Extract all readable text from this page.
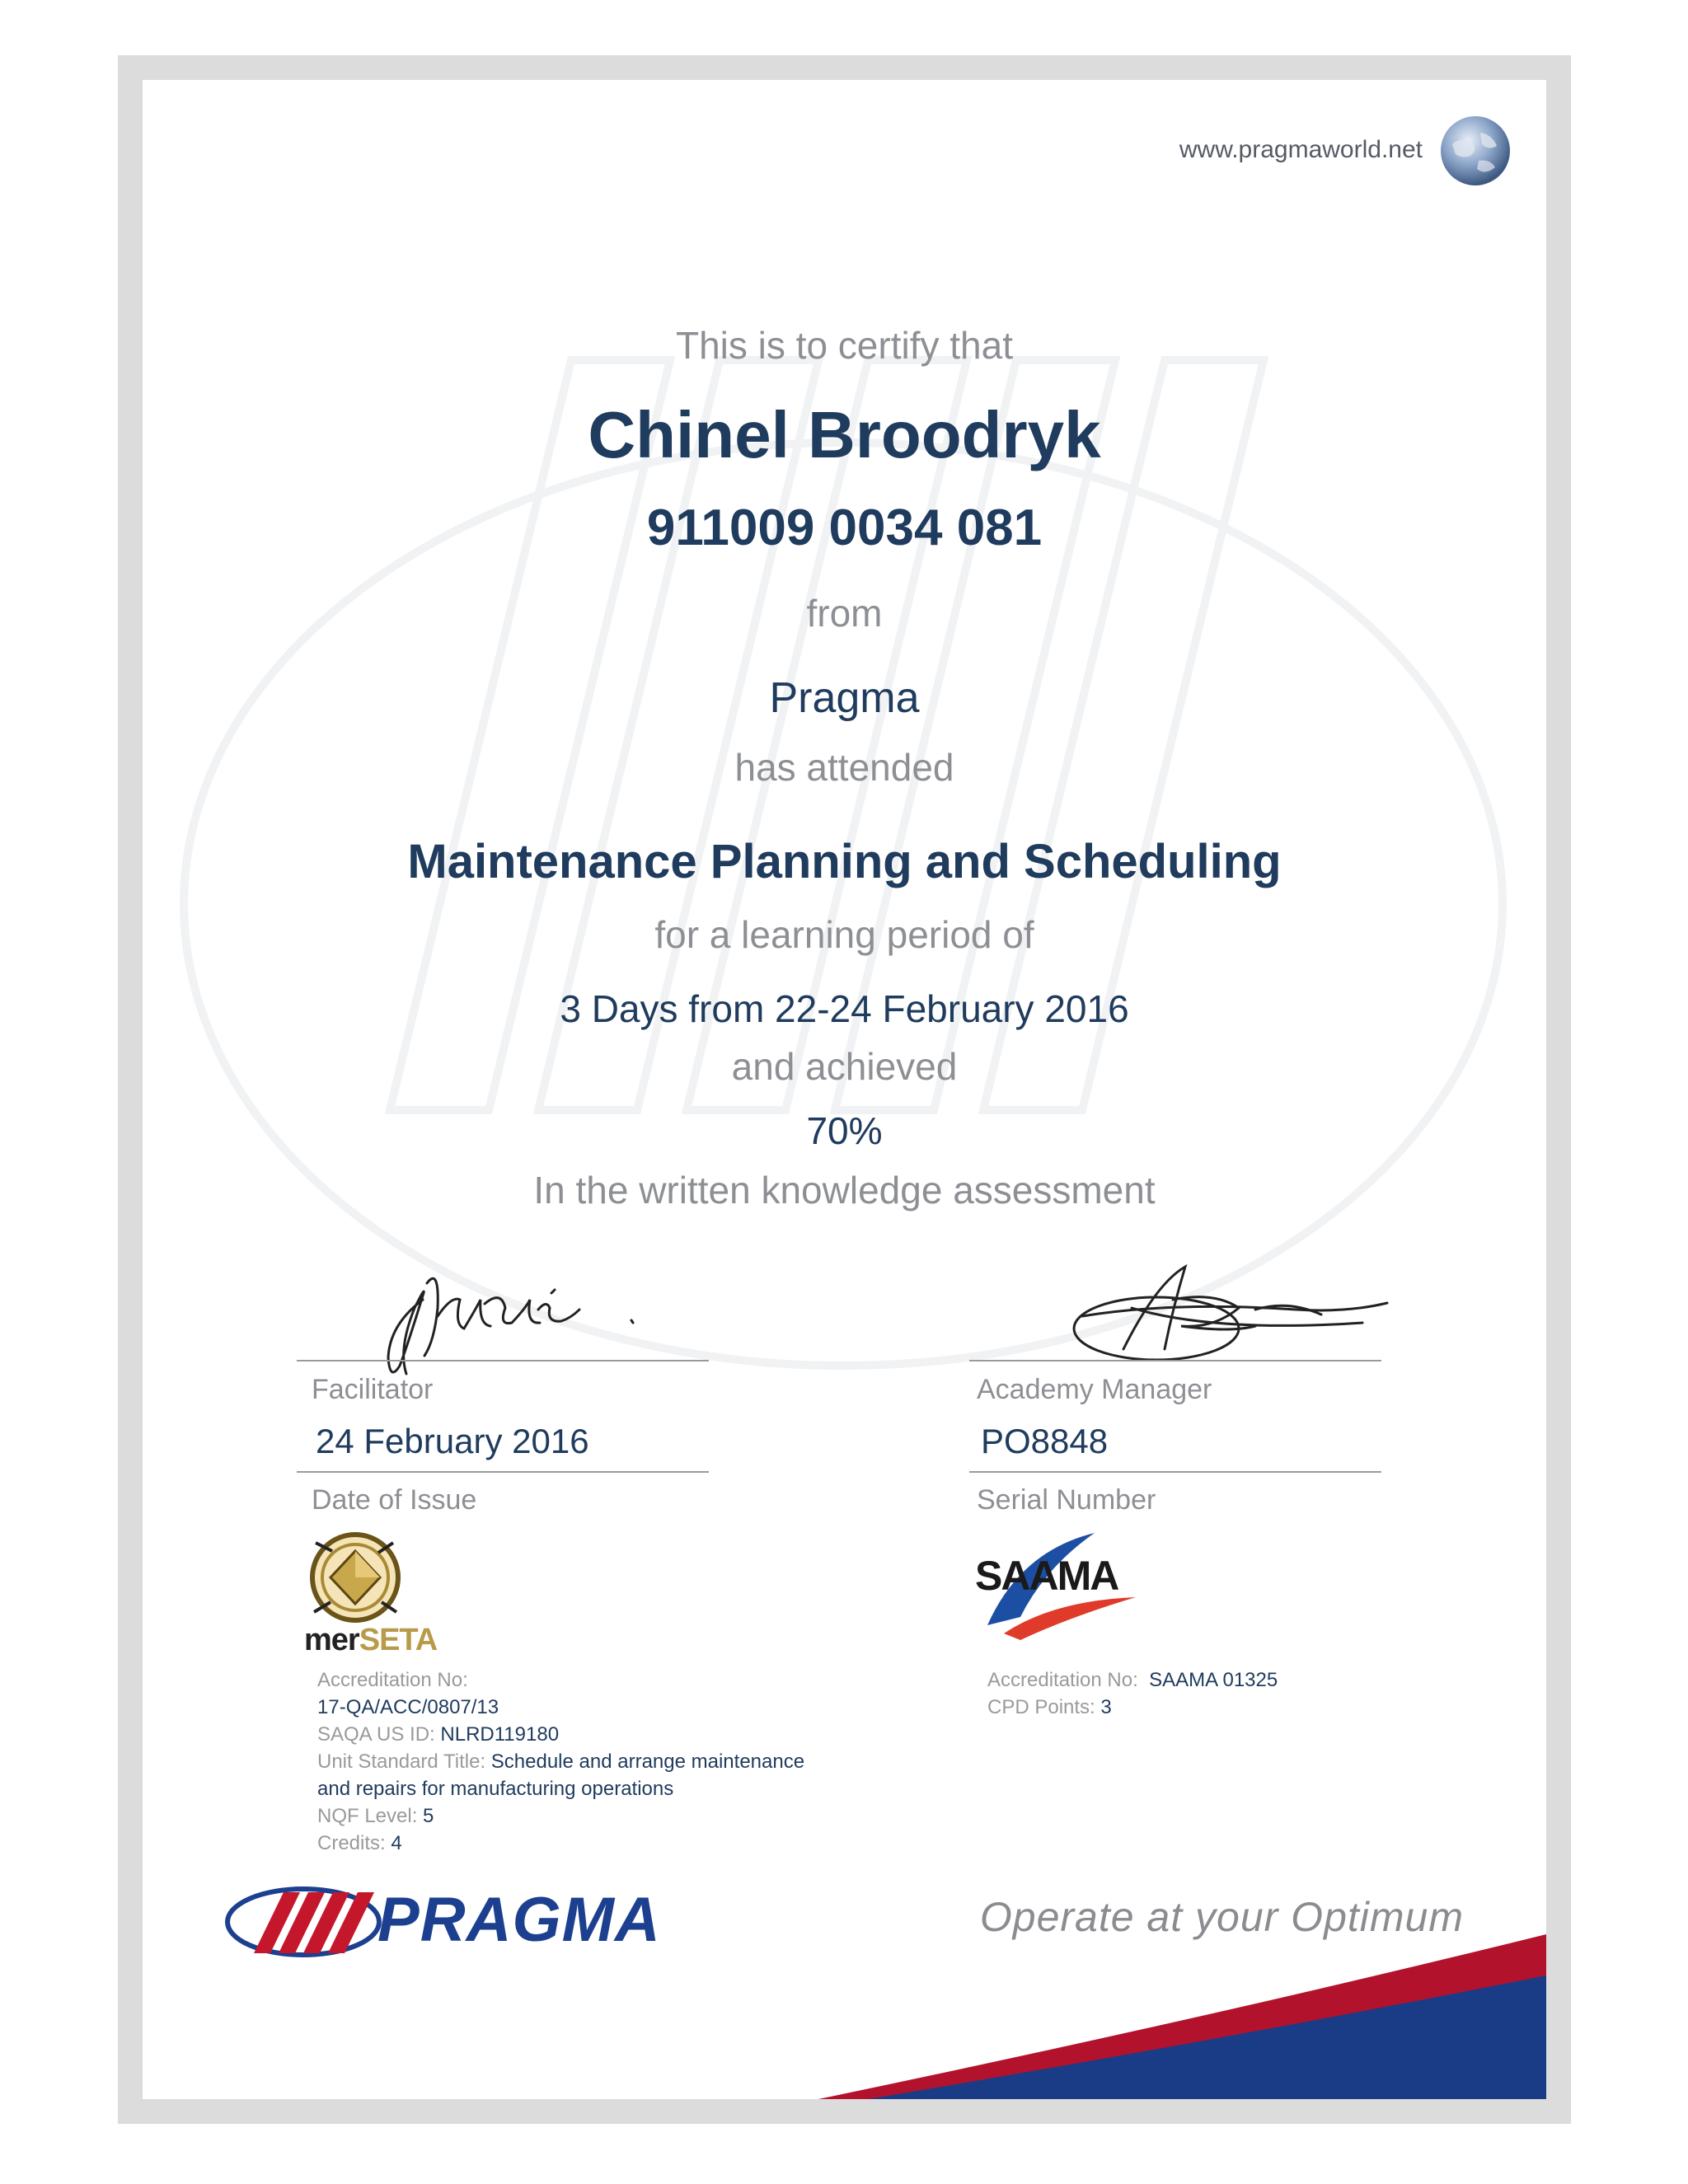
www.pragmaworld.net

This is to certify that

Chinel Broodryk

911009 0034 081

from

Pragma

has attended

Maintenance Planning and Scheduling

for a learning period of

3 Days from 22-24 February 2016

and achieved

70%

In the written knowledge assessment

Facilitator	Academy Manager
24 February 2016	PO8848
Date of Issue	Serial Number
merSETA
SAAMA
Accreditation No:
17-QA/ACC/0807/13
SAQA US ID: NLRD119180
Unit Standard Title: Schedule and arrange maintenance
and repairs for manufacturing operations
NQF Level: 5
Credits: 4
Accreditation No: SAAMA 01325
CPD Points: 3
PRAGMA	Operate at your Optimum
